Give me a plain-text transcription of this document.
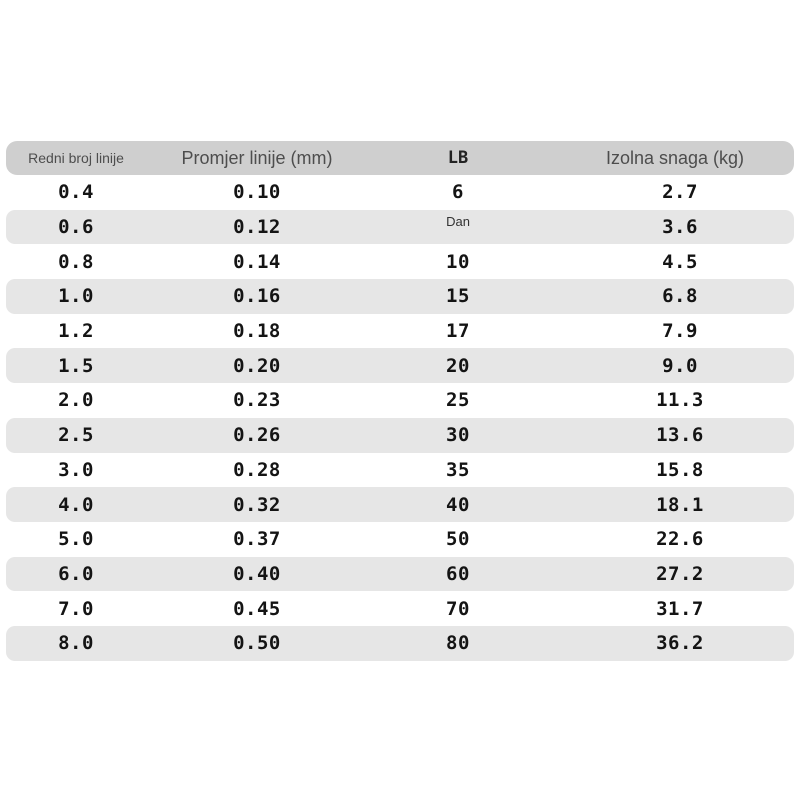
Redni broj linije	Promjer linije (mm)	LB	Izolna snaga (kg)
0.4	0.10	6	2.7
0.6	0.12	Dan	3.6
0.8	0.14	10	4.5
1.0	0.16	15	6.8
1.2	0.18	17	7.9
1.5	0.20	20	9.0
2.0	0.23	25	11.3
2.5	0.26	30	13.6
3.0	0.28	35	15.8
4.0	0.32	40	18.1
5.0	0.37	50	22.6
6.0	0.40	60	27.2
7.0	0.45	70	31.7
8.0	0.50	80	36.2
